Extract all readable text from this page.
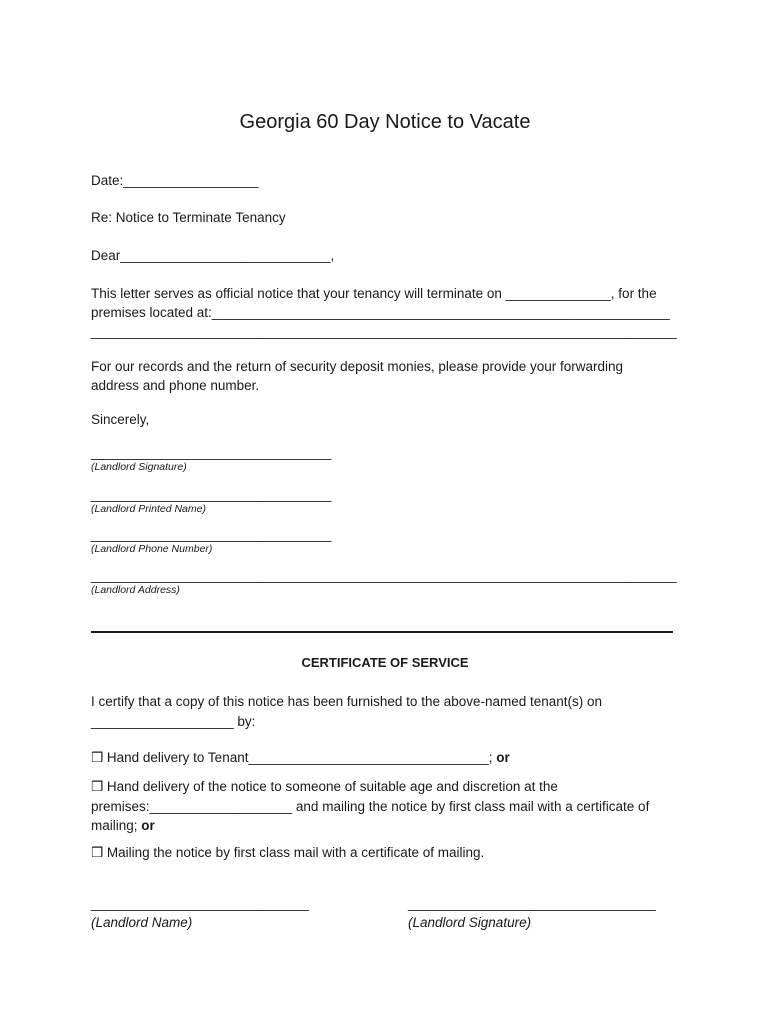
Georgia 60 Day Notice to Vacate
Date:__________________
Re: Notice to Terminate Tenancy
Dear____________________________,
This letter serves as official notice that your tenancy will terminate on ______________, for the
premises located at:_____________________________________________________________
______________________________________________________________________________
For our records and the return of security deposit monies, please provide your forwarding
address and phone number.
Sincerely,
________________________________
(Landlord Signature)
________________________________
(Landlord Printed Name)
________________________________
(Landlord Phone Number)
______________________________________________________________________________
(Landlord Address)
CERTIFICATE OF SERVICE
I certify that a copy of this notice has been furnished to the above-named tenant(s) on
___________________ by:
❒ Hand delivery to Tenant________________________________; or
❒ Hand delivery of the notice to someone of suitable age and discretion at the
premises:___________________ and mailing the notice by first class mail with a certificate of
mailing; or
❒ Mailing the notice by first class mail with a certificate of mailing.
_____________________________
(Landlord Name)
_________________________________
(Landlord Signature)
